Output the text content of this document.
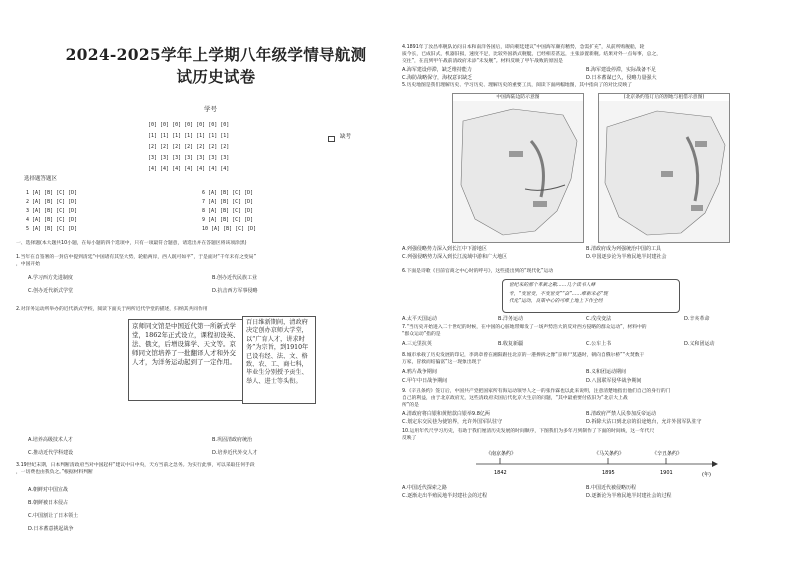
2024-2025学年上学期八年级学情导航测
试历史试卷
学号
[0] [0] [0] [0] [0] [0] [0]
[1] [1] [1] [1] [1] [1] [1]
[2] [2] [2] [2] [2] [2] [2]
[3] [3] [3] [3] [3] [3] [3]
[4] [4] [4] [4] [4] [4] [4]
缺考
选择题答题区
1 [A] [B] [C] [D]
2 [A] [B] [C] [D]
3 [A] [B] [C] [D]
4 [A] [B] [C] [D]
5 [A] [B] [C] [D]
6 [A] [B] [C] [D]
7 [A] [B] [C] [D]
8 [A] [B] [C] [D]
9 [A] [B] [C] [D]
10 [A] [B] [C] [D]
一、选择题(本大题共10小题，在每小题的四个选项中，只有一项最符合题意，请选出并在答题区将该项涂黑)
1.当年在自签署的一封信中提到清廷“中国诸有其坚大势，轮船两岸，西人既可如平”，于是面对“千年未有之变局”
，中国开始
A.学习西方先进制度	B.创办近代民族工业
C.创办近代新式学堂	D.抗击西方军事侵略
2.对洋务运动所举办的近代新式学校，阅读下面关于两所近代学堂的描述，归纳其共同作用
京师同文馆是中国近代第一所新式学堂，1862年正式设立，课程初设英、法、俄文，后增设算学、天文等。京师同文馆培养了一批翻译人才和外交人才，为洋务运动起到了一定作用。
百日维新期间，清政府决定创办京师大学堂，以“广育人才，讲求时务”为宗旨，到1910年已设有经、法、文、格致、农、工、商七科，毕业生分别授予贡生、举人、进士等头衔。
A.培养高级技术人才	B.巩固清政府统治
C.推动近代学科建设	D.培养近代外交人才
3.19世纪末期，日本判断清政府当对中国起杆“建议中日中央，天方当前之急务。为实行此事，可以采取任何手段
，一切费也由我负之。”根据材料判断
A.朝鲜对中国宣战
B.朝鲜被日本侵占
C.中国割让了日本领土
D.日本蓄意挑起战争
4.1891年丁汝昌率舰队访问日本和南洋各国后，即向朝廷建议“中国海军颇有精势，急需扩充”，从前所购舰船，轮
质今长，已成旧式，机器旧损，速度不足，比较外国新式舰艇，已经相差甚远，主张添置新舰。结果对外一点每事，总之，
交往”，在直到甲午战前清政府未添“未发舰”。材料反映了甲午战败的原因是
A.海军建设停滞，缺乏维持能力	B.海军建设停滞，实际战备不足
C.海防战略保守，海权意识缺乏	D.日本蓄谋已久，侵略力量强大
5.历史地图是我们理解历史、学习历史、理解历史的重要工具，阅读下面两幅地图，其中指向了的对比反映了
中国海陆边防示意图	(北京条约签订后的割地与租借示意图)
A.列强侵略势力深入到长江中下游地区	B.清政府成为列强统治中国的工具
C.列强侵略势力深入到长江流域中游和广大地区	D.中国逐步沦为半殖民地半封建社会
6.下面是诗歌《目前官商之中心时的呼号》，这些提出到的“现代化”运动
世纪来的那个革新之歌……几个读书人峰
专，“变世变，不变世变”“奋”……维新未必“现
代化”运动，良策中心的可维上地上下作全经
A.太平天国运动	B.洋务运动	C.戊戌变法	D.辛亥革命
7.“当历史开始进入二十世纪的时候，在中国的心脏地带爆发了一场声势浩大的反对西方侵略的群众运动”，材料中的
“群众运动”指的是
A.三元里抗英	B.收复新疆	C.公车上书	D.义和团运动
8.城市承载了历史发展的印记，李鸿章曾在湘阳跟往北京的一港捧拆之像“京师尸莫遇时，朝向自俄尔桥”“火焚数干
万家，冒救而结偏富”这一现象出现于
A.鸦片战争期间	B.义和团运动期间
C.甲午中日战争期间	D.八国联军侵华战争期间
9.《辛丑条约》签订后，中国共产党把国家所有海运动领导人之一的张作霖也以此来说明，注意清楚地指出他们自己的身行的门
自己的利益，由于北京政府无，这些清政府卖国后代化京大生京的问题，“其中最重要付依旧为“北京大上战
所”的是
A.清政府将白银和黄赔款白银举9.8亿两	B.清政府严禁人民参加反帝运动
C.划定东交民巷为使馆界，允许外国军队驻守	D.拆除大沽口到北京的沿途炮台，允许外国军队驻守
10.运用年代尺学习历史，有助于我们厘清历史发展的时间顺序，下图我们为多年月到制作了下面的时间线，这一年代尺
反映了
《南京条约》	《马关条约》	《辛丑条约》
1842	1895	1901	(年)
A.中国近代探索之路	B.中国近代被侵略历程
C.逐渐走出半殖民地半封建社会的过程	D.逐渐沦为半殖民地半封建社会的过程
